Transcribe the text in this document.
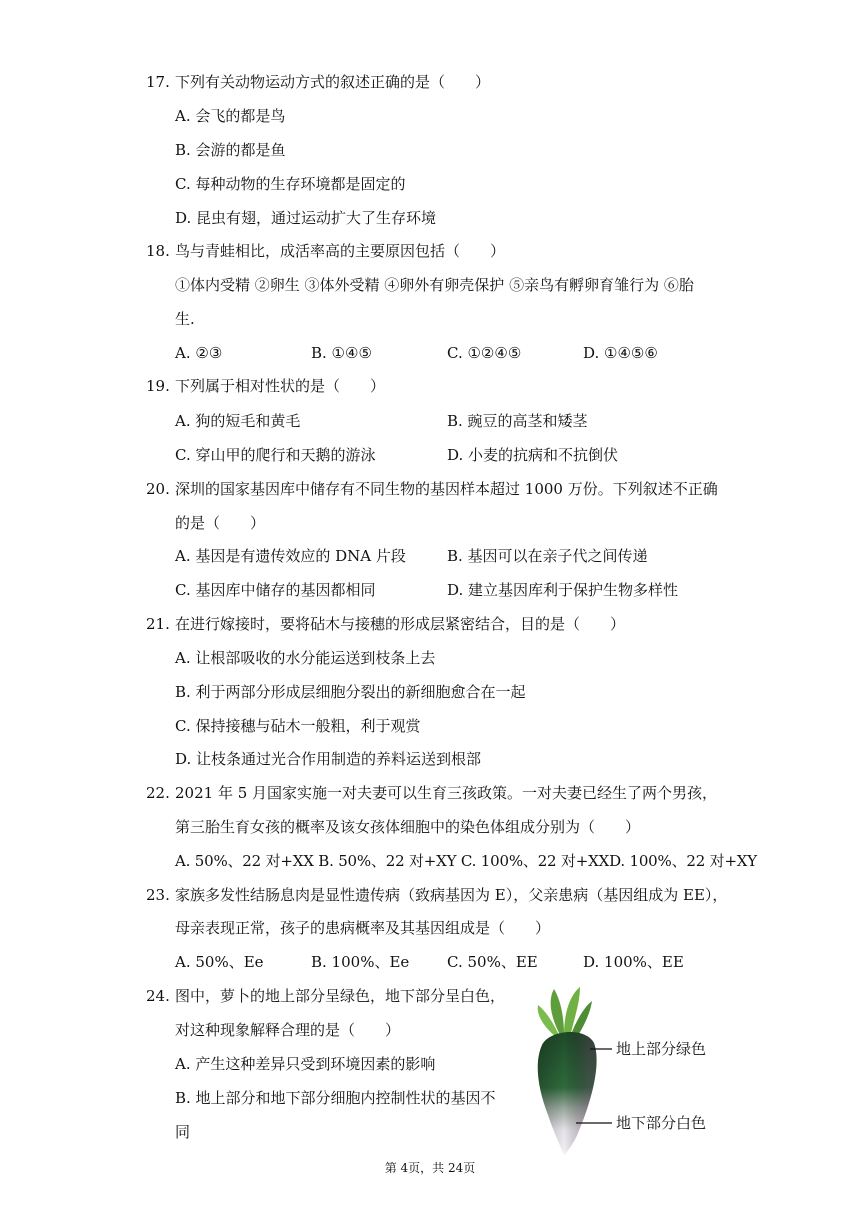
17. 下列有关动物运动方式的叙述正确的是（　　）
A. 会飞的都是鸟
B. 会游的都是鱼
C. 每种动物的生存环境都是固定的
D. 昆虫有翅，通过运动扩大了生存环境
18. 鸟与青蛙相比，成活率高的主要原因包括（　　）
①体内受精 ②卵生 ③体外受精 ④卵外有卵壳保护 ⑤亲鸟有孵卵育雏行为 ⑥胎
生.
A. ②③	B. ①④⑤	C. ①②④⑤	D. ①④⑤⑥
19. 下列属于相对性状的是（　　）
A. 狗的短毛和黄毛	B. 豌豆的高茎和矮茎
C. 穿山甲的爬行和天鹅的游泳	D. 小麦的抗病和不抗倒伏
20. 深圳的国家基因库中储存有不同生物的基因样本超过 1000 万份。下列叙述不正确
的是（　　）
A. 基因是有遗传效应的 DNA 片段	B. 基因可以在亲子代之间传递
C. 基因库中储存的基因都相同	D. 建立基因库利于保护生物多样性
21. 在进行嫁接时，要将砧木与接穗的形成层紧密结合，目的是（　　）
A. 让根部吸收的水分能运送到枝条上去
B. 利于两部分形成层细胞分裂出的新细胞愈合在一起
C. 保持接穗与砧木一般粗，利于观赏
D. 让枝条通过光合作用制造的养料运送到根部
22. 2021 年 5 月国家实施一对夫妻可以生育三孩政策。一对夫妻已经生了两个男孩，
第三胎生育女孩的概率及该女孩体细胞中的染色体组成分别为（　　）
A. 50%、22 对+XX B. 50%、22 对+XY C. 100%、22 对+XXD. 100%、22 对+XY
23. 家族多发性结肠息肉是显性遗传病（致病基因为 E），父亲患病（基因组成为 EE），
母亲表现正常，孩子的患病概率及其基因组成是（　　）
A. 50%、Ee	B. 100%、Ee	C. 50%、EE	D. 100%、EE
24. 图中，萝卜的地上部分呈绿色，地下部分呈白色，
对这种现象解释合理的是（　　）
A. 产生这种差异只受到环境因素的影响
B. 地上部分和地下部分细胞内控制性状的基因不
同
地上部分绿色
地下部分白色
第 4页，共 24页
